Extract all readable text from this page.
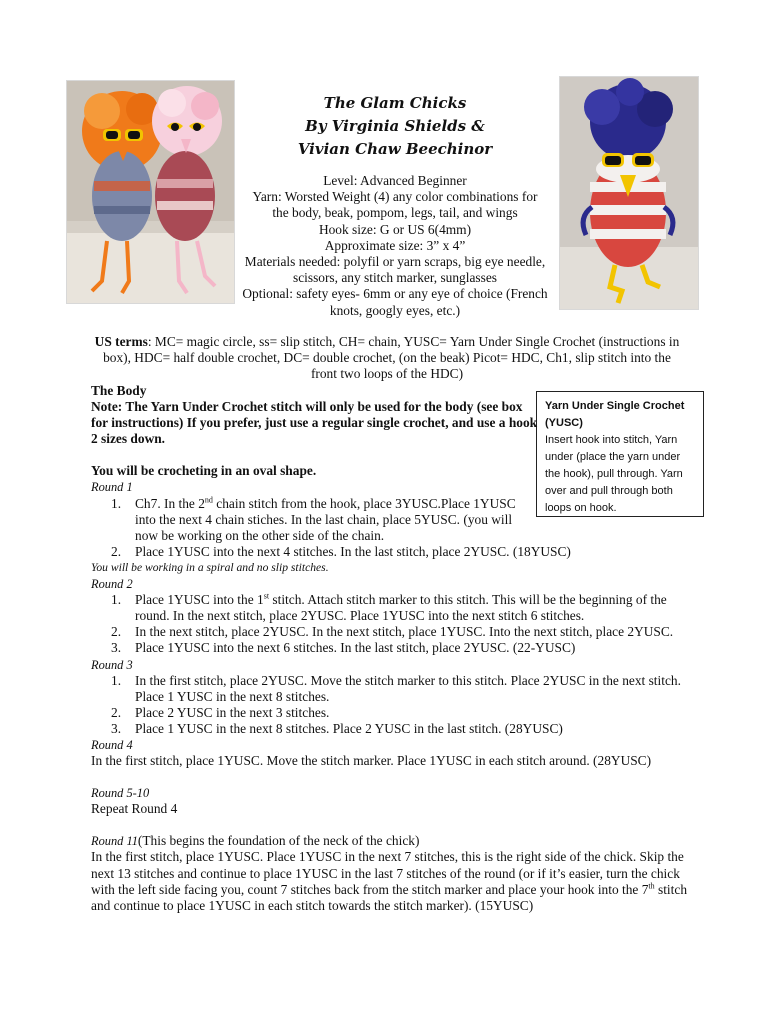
The Glam Chicks
By Virginia Shields &
Vivian Chaw Beechinor
Level: Advanced Beginner
Yarn: Worsted Weight (4) any color combinations for
the body, beak, pompom, legs, tail, and wings
Hook size: G or US 6(4mm)
Approximate size: 3” x 4”
Materials needed: polyfil or yarn scraps, big eye needle,
scissors, any stitch marker, sunglasses
Optional: safety eyes- 6mm or any eye of choice (French
knots, googly eyes, etc.)
US terms: MC= magic circle, ss= slip stitch, CH= chain, YUSC= Yarn Under Single Crochet (instructions in
box), HDC= half double crochet, DC= double crochet, (on the beak) Picot= HDC, Ch1, slip stitch into the
front two loops of the HDC)
Yarn Under Single Crochet
(YUSC)
Insert hook into stitch, Yarn
under (place the yarn under
the hook), pull through. Yarn
over and pull through both
loops on hook.
The Body
Note: The Yarn Under Crochet stitch will only be used for the body (see box
for instructions) If you prefer, just use a regular single crochet, and use a hook
2 sizes down.
You will be crocheting in an oval shape.
Round 1
1. Ch7. In the 2nd chain stitch from the hook, place 3YUSC.Place 1YUSC
into the next 4 chain stiches. In the last chain, place 5YUSC. (you will
now be working on the other side of the chain.
2. Place 1YUSC into the next 4 stitches. In the last stitch, place 2YUSC. (18YUSC)
You will be working in a spiral and no slip stitches.
Round 2
1. Place 1YUSC into the 1st stitch. Attach stitch marker to this stitch. This will be the beginning of the
round. In the next stitch, place 2YUSC. Place 1YUSC into the next stitch 6 stitches.
2. In the next stitch, place 2YUSC. In the next stitch, place 1YUSC. Into the next stitch, place 2YUSC.
3. Place 1YUSC into the next 6 stitches. In the last stitch, place 2YUSC. (22-YUSC)
Round 3
1. In the first stitch, place 2YUSC. Move the stitch marker to this stitch. Place 2YUSC in the next stitch.
Place 1 YUSC in the next 8 stitches.
2. Place 2 YUSC in the next 3 stitches.
3. Place 1 YUSC in the next 8 stitches. Place 2 YUSC in the last stitch. (28YUSC)
Round 4
In the first stitch, place 1YUSC. Move the stitch marker. Place 1YUSC in each stitch around. (28YUSC)
Round 5-10
Repeat Round 4
Round 11(This begins the foundation of the neck of the chick)
In the first stitch, place 1YUSC. Place 1YUSC in the next 7 stitches, this is the right side of the chick. Skip the
next 13 stitches and continue to place 1YUSC in the last 7 stitches of the round (or if it’s easier, turn the chick
with the left side facing you, count 7 stitches back from the stitch marker and place your hook into the 7th stitch
and continue to place 1YUSC in each stitch towards the stitch marker). (15YUSC)
